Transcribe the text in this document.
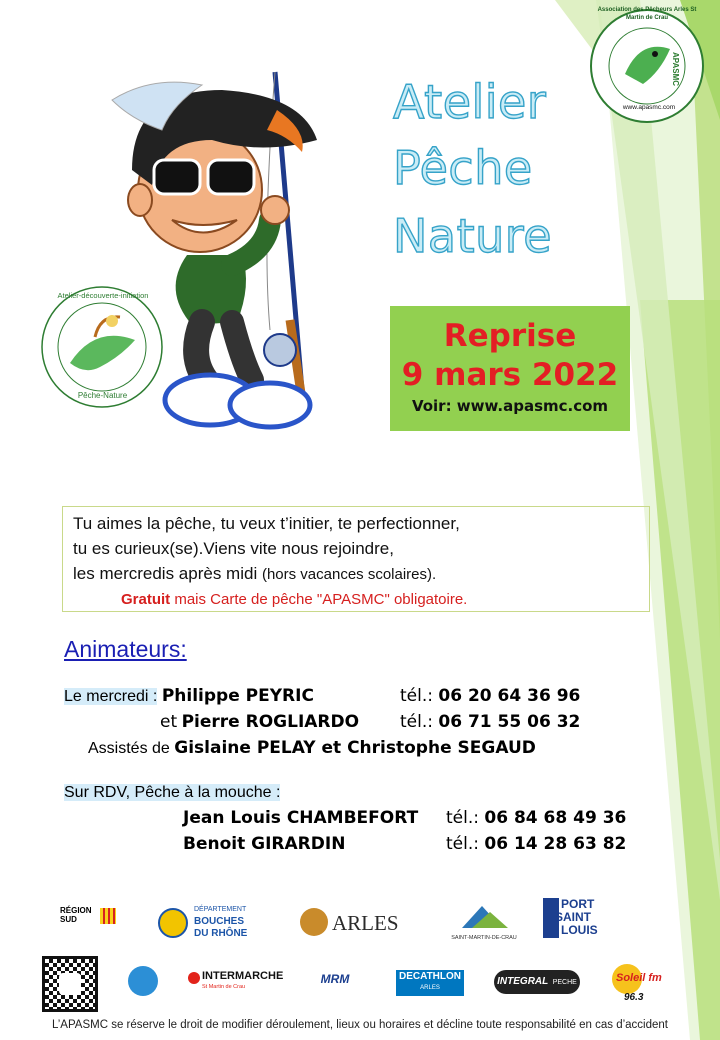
Atelier-découverte-initiation
Pêche-Nature
APASMC
www.apasmc.com
Association des Pêcheurs Arles St Martin de Crau
Atelier
Pêche
Nature
Reprise
9 mars 2022
Voir: www.apasmc.com

Tu aimes la pêche, tu veux t’initier, te perfectionner,

tu es curieux(se).Viens vite nous rejoindre,

les mercredis après midi (hors vacances scolaires).

Gratuit mais Carte de pêche "APASMC" obligatoire.

Animateurs:
Le mercredi : Philippe PEYRIC	tél.: 06 20 64 36 96
et Pierre ROGLIARDO tél.: 06 71 55 06 32
Assistés de Gislaine PELAY et Christophe SEGAUD
Sur RDV, Pêche à la mouche :
Jean Louis CHAMBEFORT tél.: 06 84 68 49 36
Benoit GIRARDIN	tél.: 06 14 28 63 82
RÉGION
SUD
DÉPARTEMENT
BOUCHES
DU RHÔNE	ARLES
SAINT-MARTIN-DE-CRAU
PORT
SAINT
LOUIS
INTERMARCHE
St Martin de Crau
MRM	DECATHLON
ARLES
INTEGRAL PECHE	Soleil fm
96.3
L’APASMC se réserve le droit de modifier déroulement, lieux ou horaires et décline toute responsabilité en cas d’accident
